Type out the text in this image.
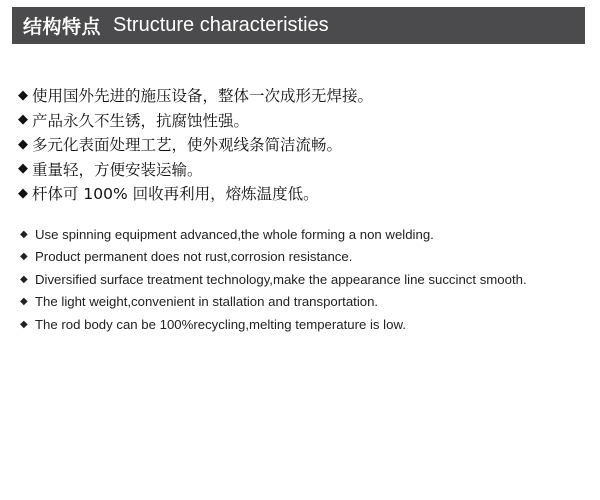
结构特点 Structure characteristies
◆ 使用国外先进的施压设备，整体一次成形无焊接。
◆ 产品永久不生锈，抗腐蚀性强。
◆ 多元化表面处理工艺，使外观线条简洁流畅。
◆ 重量轻，方便安装运输。
◆ 杆体可 100% 回收再利用，熔炼温度低。
◆ Use spinning equipment advanced,the whole forming a non welding.
◆ Product permanent does not rust,corrosion resistance.
◆ Diversified surface treatment technology,make the appearance line succinct smooth.
◆ The light weight,convenient in stallation and transportation.
◆ The rod body can be 100%recycling,melting temperature is low.
